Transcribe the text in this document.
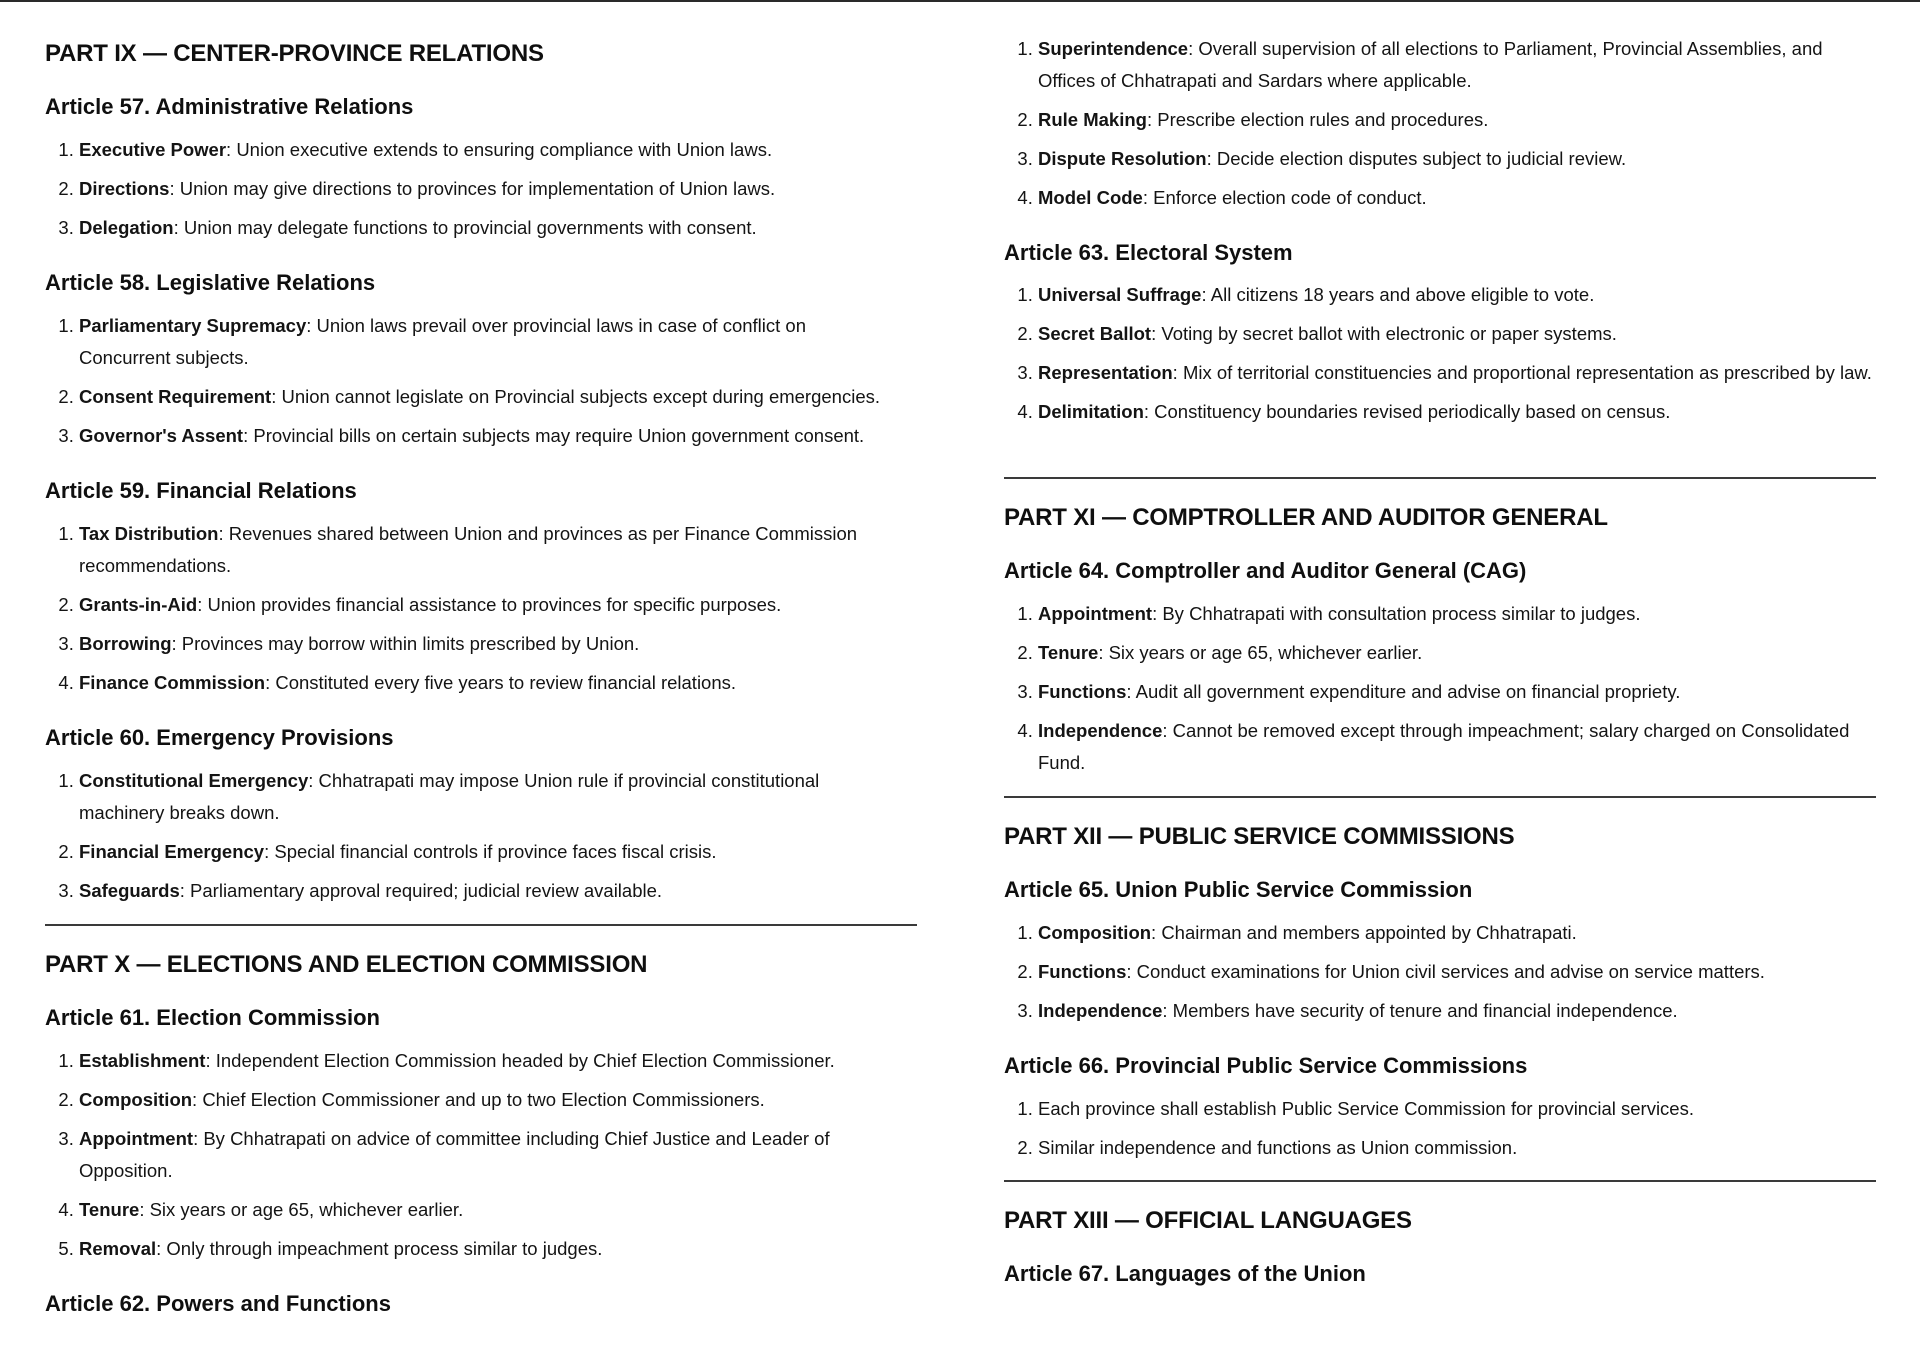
PART IX — CENTER-PROVINCE RELATIONS
Article 57. Administrative Relations
1. Executive Power: Union executive extends to ensuring compliance with Union laws.
2. Directions: Union may give directions to provinces for implementation of Union laws.
3. Delegation: Union may delegate functions to provincial governments with consent.
Article 58. Legislative Relations
1. Parliamentary Supremacy: Union laws prevail over provincial laws in case of conflict on Concurrent subjects.
2. Consent Requirement: Union cannot legislate on Provincial subjects except during emergencies.
3. Governor's Assent: Provincial bills on certain subjects may require Union government consent.
Article 59. Financial Relations
1. Tax Distribution: Revenues shared between Union and provinces as per Finance Commission recommendations.
2. Grants-in-Aid: Union provides financial assistance to provinces for specific purposes.
3. Borrowing: Provinces may borrow within limits prescribed by Union.
4. Finance Commission: Constituted every five years to review financial relations.
Article 60. Emergency Provisions
1. Constitutional Emergency: Chhatrapati may impose Union rule if provincial constitutional machinery breaks down.
2. Financial Emergency: Special financial controls if province faces fiscal crisis.
3. Safeguards: Parliamentary approval required; judicial review available.
PART X — ELECTIONS AND ELECTION COMMISSION
Article 61. Election Commission
1. Establishment: Independent Election Commission headed by Chief Election Commissioner.
2. Composition: Chief Election Commissioner and up to two Election Commissioners.
3. Appointment: By Chhatrapati on advice of committee including Chief Justice and Leader of Opposition.
4. Tenure: Six years or age 65, whichever earlier.
5. Removal: Only through impeachment process similar to judges.
Article 62. Powers and Functions
1. Superintendence: Overall supervision of all elections to Parliament, Provincial Assemblies, and Offices of Chhatrapati and Sardars where applicable.
2. Rule Making: Prescribe election rules and procedures.
3. Dispute Resolution: Decide election disputes subject to judicial review.
4. Model Code: Enforce election code of conduct.
Article 63. Electoral System
1. Universal Suffrage: All citizens 18 years and above eligible to vote.
2. Secret Ballot: Voting by secret ballot with electronic or paper systems.
3. Representation: Mix of territorial constituencies and proportional representation as prescribed by law.
4. Delimitation: Constituency boundaries revised periodically based on census.
PART XI — COMPTROLLER AND AUDITOR GENERAL
Article 64. Comptroller and Auditor General (CAG)
1. Appointment: By Chhatrapati with consultation process similar to judges.
2. Tenure: Six years or age 65, whichever earlier.
3. Functions: Audit all government expenditure and advise on financial propriety.
4. Independence: Cannot be removed except through impeachment; salary charged on Consolidated Fund.
PART XII — PUBLIC SERVICE COMMISSIONS
Article 65. Union Public Service Commission
1. Composition: Chairman and members appointed by Chhatrapati.
2. Functions: Conduct examinations for Union civil services and advise on service matters.
3. Independence: Members have security of tenure and financial independence.
Article 66. Provincial Public Service Commissions
1. Each province shall establish Public Service Commission for provincial services.
2. Similar independence and functions as Union commission.
PART XIII — OFFICIAL LANGUAGES
Article 67. Languages of the Union
